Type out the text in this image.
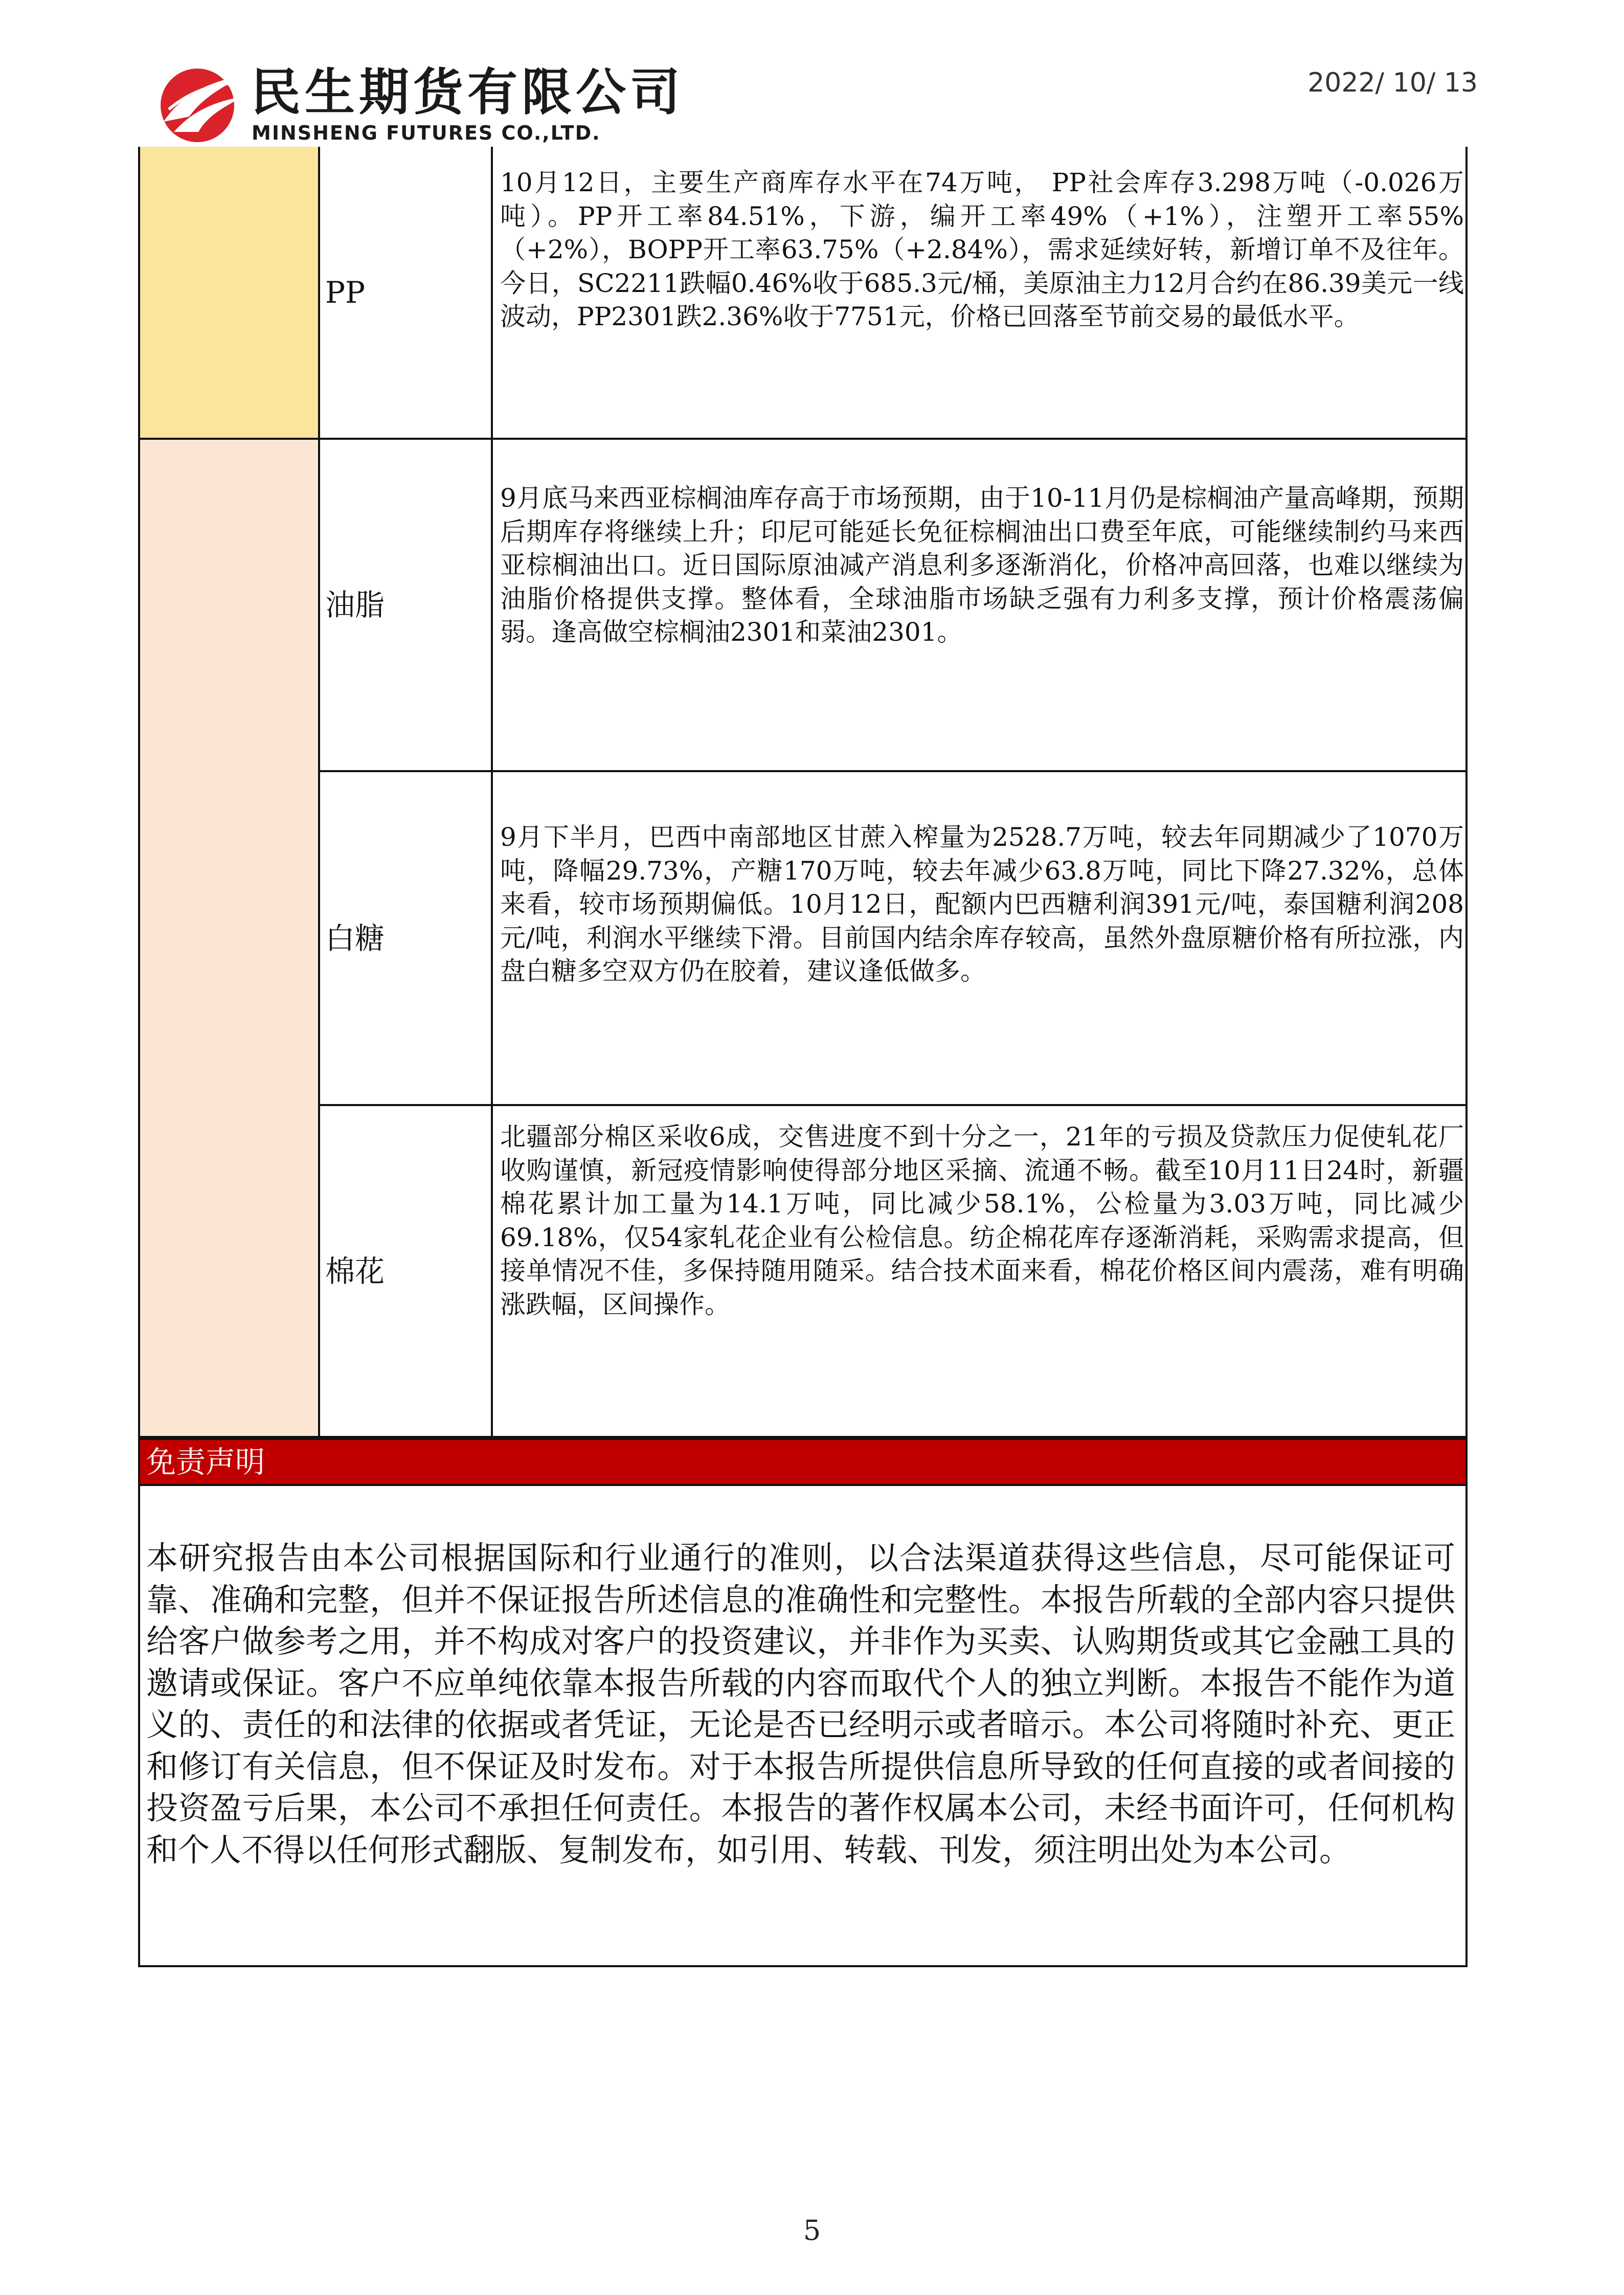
民生期货有限公司
MINSHENG FUTURES CO.,LTD.
2022/ 10/ 13
PP
10月12日，主要生产商库存水平在74万吨， PP社会库存3.298万吨（-0.026万吨）。PP开工率84.51%，下游，编开工率49%（+1%），注塑开工率55%（+2%），BOPP开工率63.75%（+2.84%），需求延续好转，新增订单不及往年。今日，SC2211跌幅0.46%收于685.3元/桶，美原油主力12月合约在86.39美元一线波动，PP2301跌2.36%收于7751元，价格已回落至节前交易的最低水平。
油脂
9月底马来西亚棕榈油库存高于市场预期，由于10-11月仍是棕榈油产量高峰期，预期后期库存将继续上升；印尼可能延长免征棕榈油出口费至年底，可能继续制约马来西亚棕榈油出口。近日国际原油减产消息利多逐渐消化，价格冲高回落，也难以继续为油脂价格提供支撑。整体看，全球油脂市场缺乏强有力利多支撑，预计价格震荡偏弱。逢高做空棕榈油2301和菜油2301。
白糖
9月下半月，巴西中南部地区甘蔗入榨量为2528.7万吨，较去年同期减少了1070万吨，降幅29.73%，产糖170万吨，较去年减少63.8万吨，同比下降27.32%，总体来看，较市场预期偏低。10月12日，配额内巴西糖利润391元/吨，泰国糖利润208元/吨，利润水平继续下滑。目前国内结余库存较高，虽然外盘原糖价格有所拉涨，内盘白糖多空双方仍在胶着，建议逢低做多。
棉花
北疆部分棉区采收6成，交售进度不到十分之一，21年的亏损及贷款压力促使轧花厂收购谨慎，新冠疫情影响使得部分地区采摘、流通不畅。截至10月11日24时，新疆棉花累计加工量为14.1万吨，同比减少58.1%，公检量为3.03万吨，同比减少69.18%，仅54家轧花企业有公检信息。纺企棉花库存逐渐消耗，采购需求提高，但接单情况不佳，多保持随用随采。结合技术面来看，棉花价格区间内震荡，难有明确涨跌幅，区间操作。
免责声明
本研究报告由本公司根据国际和行业通行的准则，以合法渠道获得这些信息，尽可能保证可靠、准确和完整，但并不保证报告所述信息的准确性和完整性。本报告所载的全部内容只提供给客户做参考之用，并不构成对客户的投资建议，并非作为买卖、认购期货或其它金融工具的邀请或保证。客户不应单纯依靠本报告所载的内容而取代个人的独立判断。本报告不能作为道义的、责任的和法律的依据或者凭证，无论是否已经明示或者暗示。本公司将随时补充、更正和修订有关信息，但不保证及时发布。对于本报告所提供信息所导致的任何直接的或者间接的投资盈亏后果，本公司不承担任何责任。本报告的著作权属本公司，未经书面许可，任何机构和个人不得以任何形式翻版、复制发布，如引用、转载、刊发，须注明出处为本公司。
5
